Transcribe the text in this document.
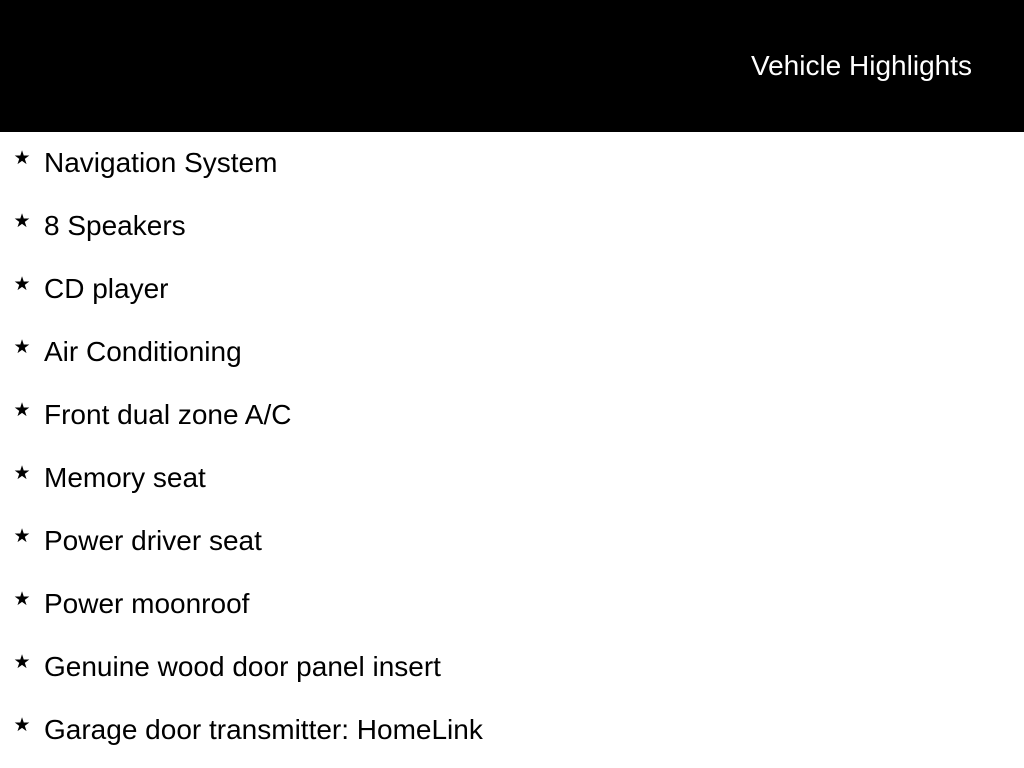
Vehicle Highlights
★ Navigation System
★ 8 Speakers
★ CD player
★ Air Conditioning
★ Front dual zone A/C
★ Memory seat
★ Power driver seat
★ Power moonroof
★ Genuine wood door panel insert
★ Garage door transmitter: HomeLink
